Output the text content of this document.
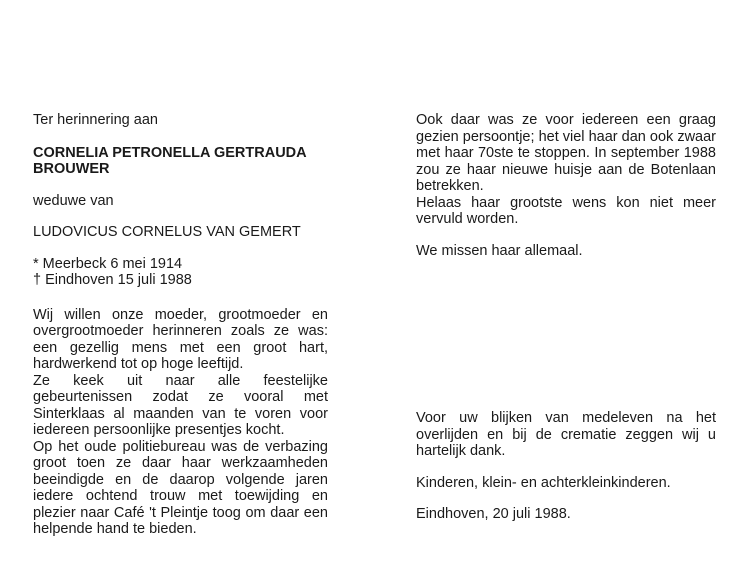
Ter herinnering aan

CORNELIA PETRONELLA GERTRAUDA

BROUWER

weduwe van

LUDOVICUS CORNELUS VAN GEMERT

* Meerbeck 6 mei 1914

† Eindhoven 15 juli 1988

Wij willen onze moeder, grootmoeder en overgrootmoeder herinneren zoals ze was: een gezellig mens met een groot hart, hardwerkend tot op hoge leeftijd.

Ze keek uit naar alle feestelijke gebeurtenissen zodat ze vooral met Sinterklaas al maanden van te voren voor iedereen persoonlijke presentjes kocht.

Op het oude politiebureau was de verbazing groot toen ze daar haar werkzaamheden beeindigde en de daarop volgende jaren iedere ochtend trouw met toewijding en plezier naar Café 't Pleintje toog om daar een helpende hand te bieden.

Ook daar was ze voor iedereen een graag gezien persoontje; het viel haar dan ook zwaar met haar 70ste te stoppen. In september 1988 zou ze haar nieuwe huisje aan de Botenlaan betrekken.

Helaas haar grootste wens kon niet meer vervuld worden.

We missen haar allemaal.

Voor uw blijken van medeleven na het overlijden en bij de crematie zeggen wij u hartelijk dank.

Kinderen, klein- en achterkleinkinderen.

Eindhoven, 20 juli 1988.
